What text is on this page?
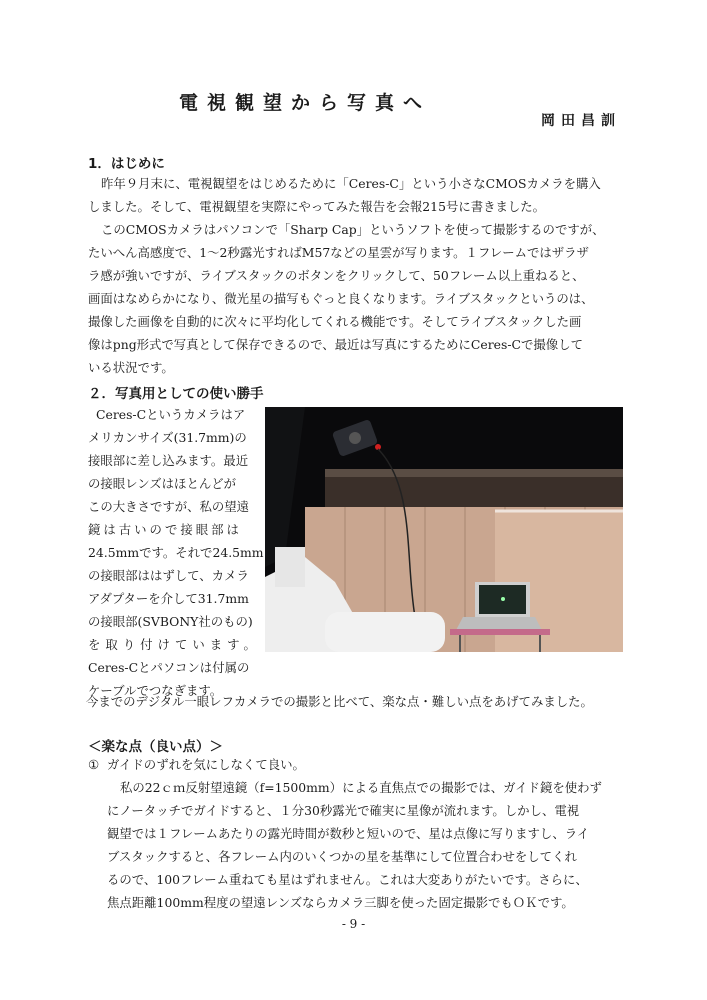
電視観望から写真へ
岡田昌訓
1．はじめに
昨年９月末に、電視観望をはじめるために「Ceres-C」という小さなCMOSカメラを購入
しました。そして、電視観望を実際にやってみた報告を会報215号に書きました。
このCMOSカメラはパソコンで「Sharp Cap」というソフトを使って撮影するのですが、
たいへん高感度で、1〜2秒露光すればM57などの星雲が写ります。１フレームではザラザ
ラ感が強いですが、ライブスタックのボタンをクリックして、50フレーム以上重ねると、
画面はなめらかになり、微光星の描写もぐっと良くなります。ライブスタックというのは、
撮像した画像を自動的に次々に平均化してくれる機能です。そしてライブスタックした画
像はpng形式で写真として保存できるので、最近は写真にするためにCeres-Cで撮像して
いる状況です。
２．写真用としての使い勝手
Ceres-Cというカメラはア
メリカンサイズ(31.7mm)の
接眼部に差し込みます。最近
の接眼レンズはほとんどが
この大きさですが、私の望遠
鏡は古いので接眼部は
24.5mmです。それで24.5mm
の接眼部ははずして、カメラ
アダプターを介して31.7mm
の接眼部(SVBONY社のもの)
を取り付けています。
Ceres-Cとパソコンは付属の
ケーブルでつなぎます。
今までのデジタル一眼レフカメラでの撮影と比べて、楽な点・難しい点をあげてみました。
＜楽な点（良い点）＞
① ガイドのずれを気にしなくて良い。
私の22ｃｍ反射望遠鏡（f=1500mm）による直焦点での撮影では、ガイド鏡を使わず
にノータッチでガイドすると、１分30秒露光で確実に星像が流れます。しかし、電視
観望では１フレームあたりの露光時間が数秒と短いので、星は点像に写りますし、ライ
ブスタックすると、各フレーム内のいくつかの星を基準にして位置合わせをしてくれ
るので、100フレーム重ねても星はずれません。これは大変ありがたいです。さらに、
焦点距離100mm程度の望遠レンズならカメラ三脚を使った固定撮影でもＯＫです。
- 9 -
